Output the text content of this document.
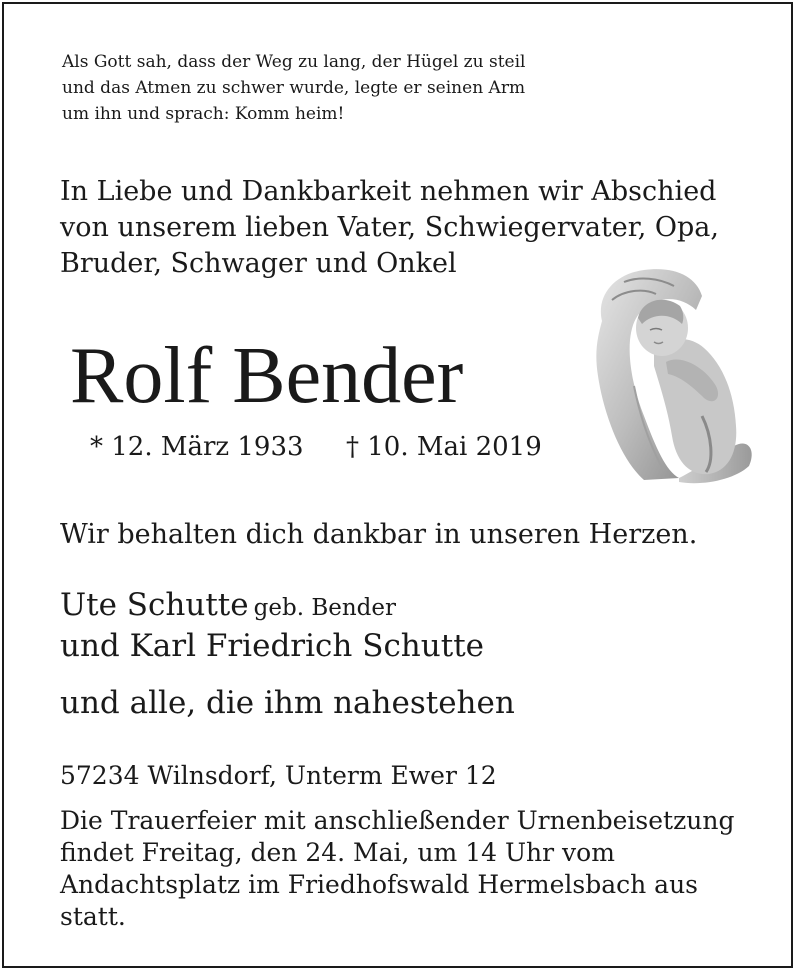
Als Gott sah, dass der Weg zu lang, der Hügel zu steil
und das Atmen zu schwer wurde, legte er seinen Arm
um ihn und sprach: Komm heim!
In Liebe und Dankbarkeit nehmen wir Abschied
von unserem lieben Vater, Schwiegervater, Opa,
Bruder, Schwager und Onkel
Rolf Bender
* 12. März 1933 † 10. Mai 2019
Wir behalten dich dankbar in unseren Herzen.
Ute Schutte geb. Bender
und Karl Friedrich Schutte
und alle, die ihm nahestehen
57234 Wilnsdorf, Unterm Ewer 12
Die Trauerfeier mit anschließender Urnenbeisetzung
findet Freitag, den 24. Mai, um 14 Uhr vom
Andachtsplatz im Friedhofswald Hermelsbach aus
statt.
